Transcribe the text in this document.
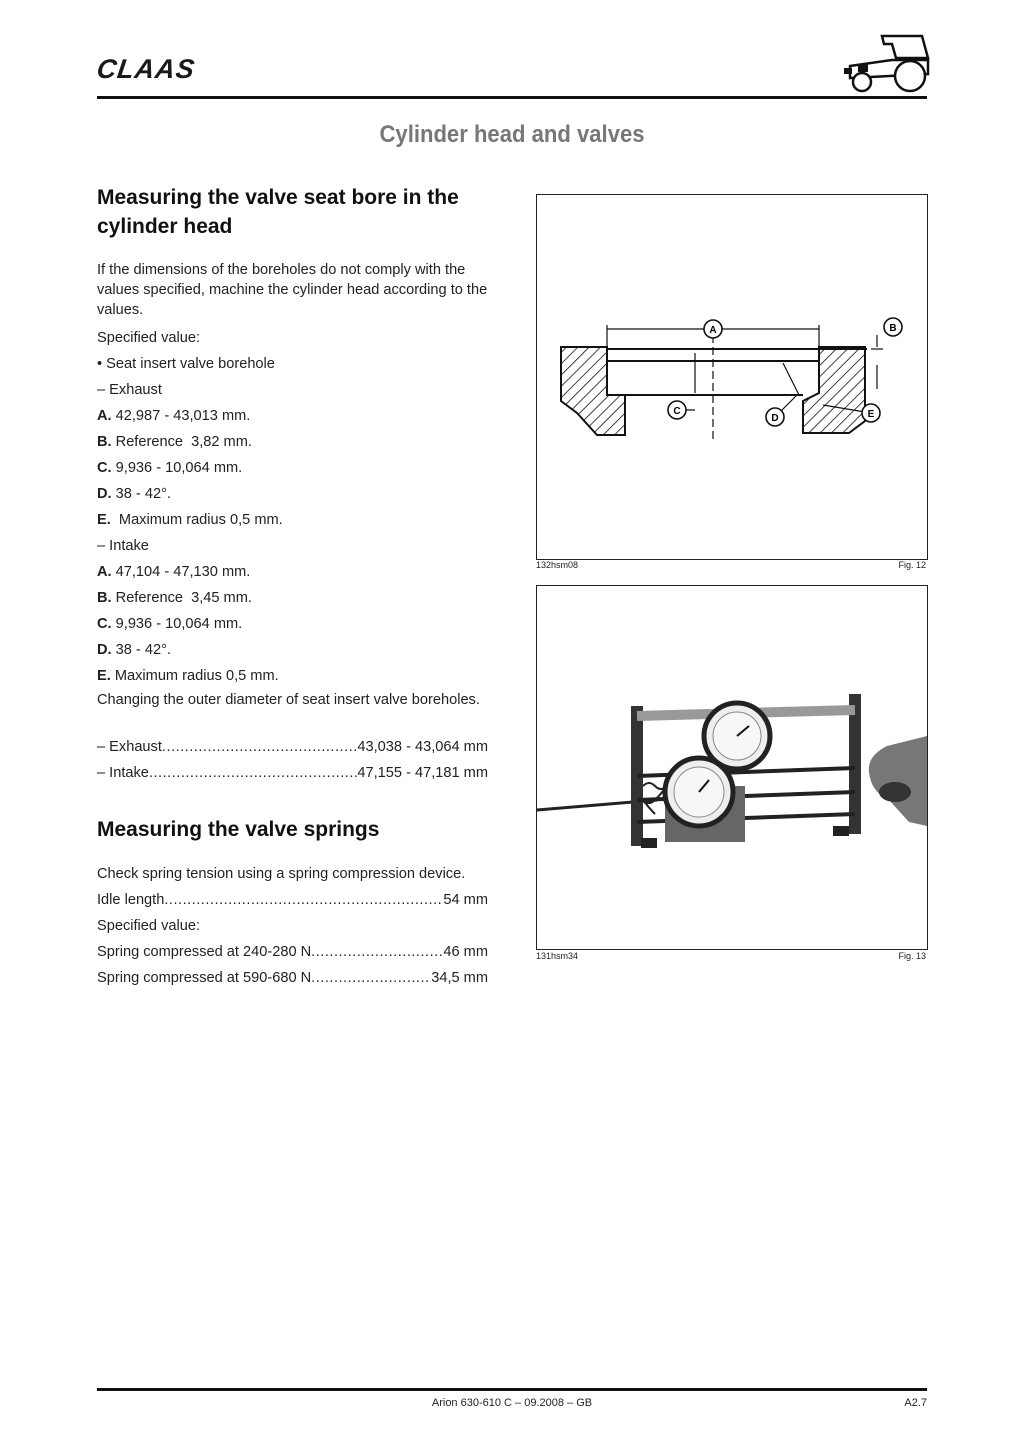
CLAAS
Cylinder head and valves
Measuring the valve seat bore in the cylinder head
If the dimensions of the boreholes do not comply with the values specified, machine the cylinder head according to the values.
Specified value:
• Seat insert valve borehole
– Exhaust
A. 42,987 - 43,013 mm.
B. Reference  3,82 mm.
C. 9,936 - 10,064 mm.
D. 38 - 42°.
E.  Maximum radius 0,5 mm.
– Intake
A. 47,104 - 47,130 mm.
B. Reference  3,45 mm.
C. 9,936 - 10,064 mm.
D. 38 - 42°.
E. Maximum radius 0,5 mm.
Changing the outer diameter of seat insert valve boreholes.
– Exhaust .....	43,038 - 43,064 mm
– Intake .....	47,155 - 47,181 mm
Measuring the valve springs
Check spring tension using a spring compression device.
Idle length .....	54 mm
Specified value:
Spring compressed at 240-280 N .....	46 mm
Spring compressed at 590-680 N .....	34,5 mm
A	B
C
D	E
132hsm08	Fig. 12
131hsm34	Fig. 13
Arion 630-610 C – 09.2008 – GB	A2.7
